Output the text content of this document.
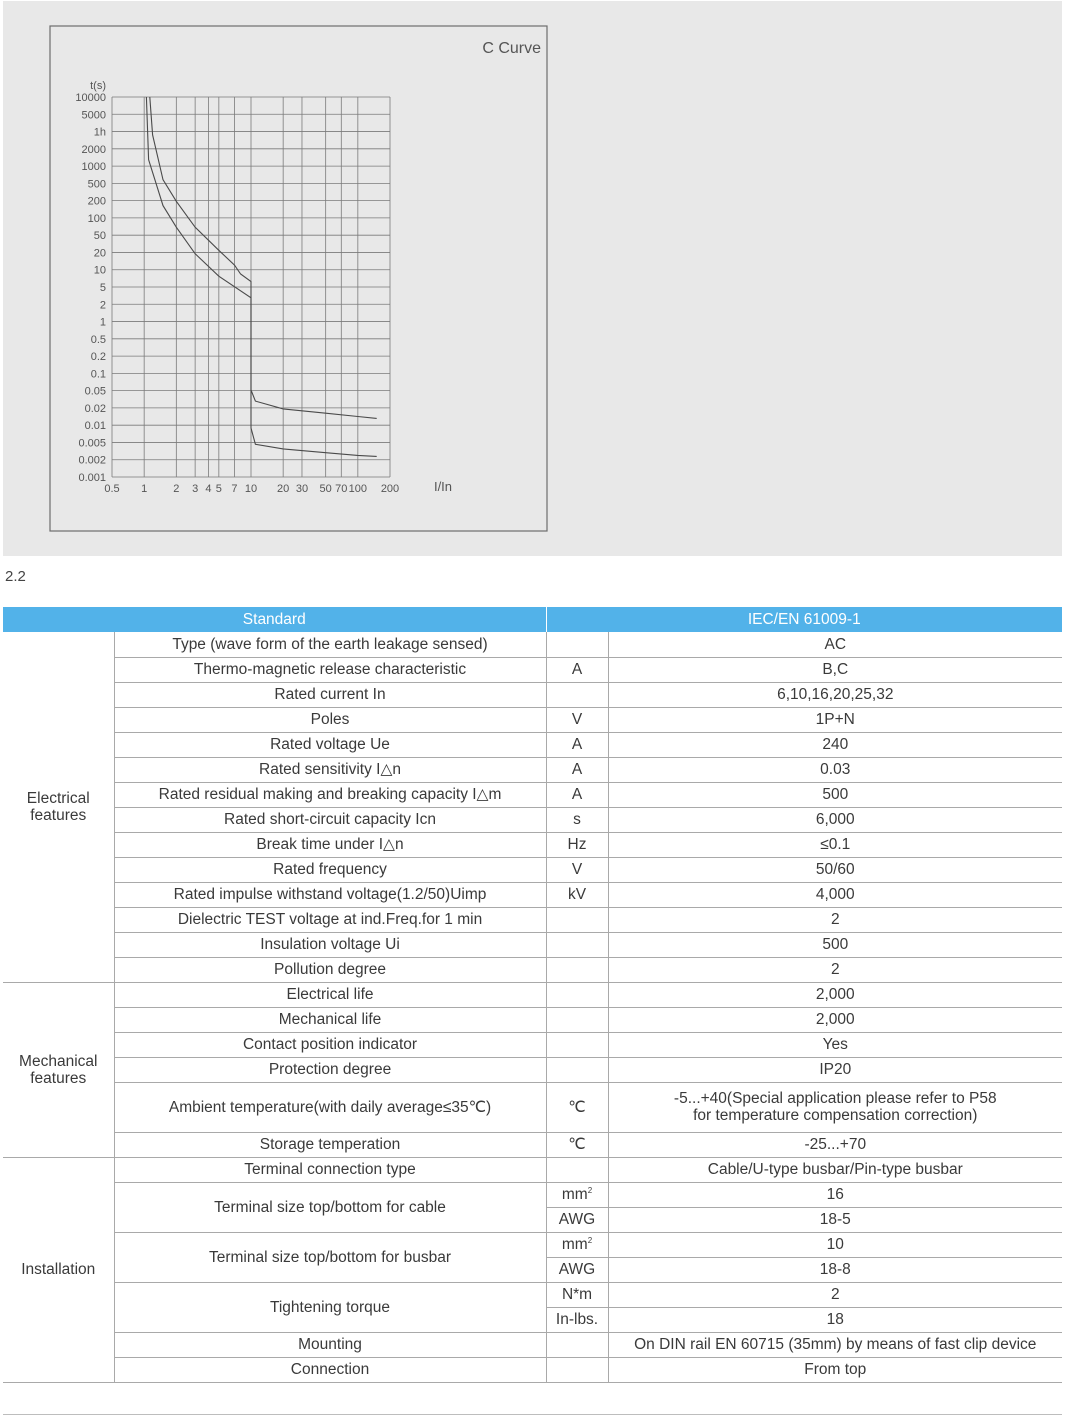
10000
5000
1h
2000
1000
500
200
100
50
20
10
5
2
1
0.5
0.2
0.1
0.05
0.02
0.01
0.005
0.002
0.001
t(s)
0.5 1 2 3 4 5 7 10 20 30 50 70 100 200	I/In
C Curve
2.2
Standard		IEC/EN 61009-1	
Electrical
features	Type (wave form of the earth leakage sensed)		AC
	Thermo-magnetic release characteristic	A	B,C
	Rated current In		6,10,16,20,25,32
	Poles	V	1P+N
	Rated voltage Ue	A	240
	Rated sensitivity I△n	A	0.03
	Rated residual making and breaking capacity I△m	A	500
	Rated short-circuit capacity Icn	s	6,000
	Break time under I△n	Hz	≤0.1
	Rated frequency	V	50/60
	Rated impulse withstand voltage(1.2/50)Uimp	kV	4,000
	Dielectric TEST voltage at ind.Freq.for 1 min		2
	Insulation voltage Ui		500
	Pollution degree		2
Mechanical
features	Electrical life		2,000
	Mechanical life		2,000
	Contact position indicator		Yes
	Protection degree		IP20
	Ambient temperature(with daily average≤35℃)	℃	-5...+40(Special application please refer to P58
for temperature compensation correction)

	Storage temperation	℃	-25...+70
Installation	Terminal connection type		Cable/U-type busbar/Pin-type busbar
	Terminal size top/bottom for cable	$mm^2$	16
		AWG	18-5
	Terminal size top/bottom for busbar	$mm^2$	10
		AWG	18-8
	Tightening torque	N*m	2
		In-lbs.	18
	Mounting		On DIN rail EN 60715 (35mm) by means of fast clip device
	Connection		From top
